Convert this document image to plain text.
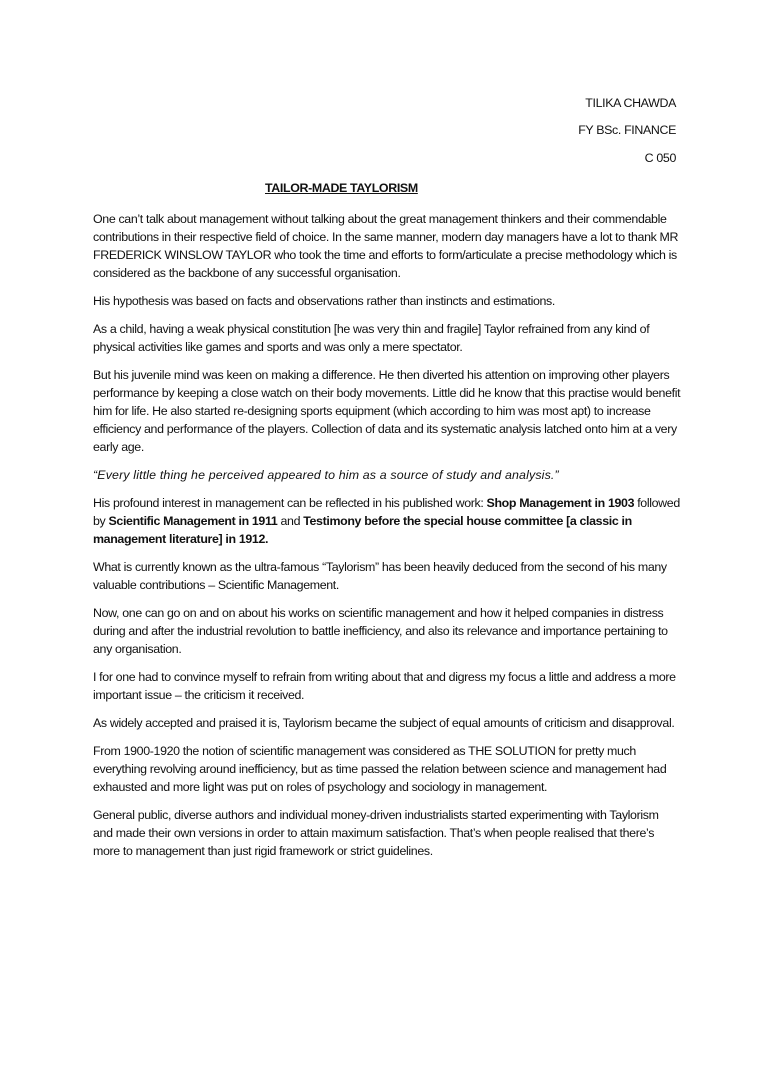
TILIKA CHAWDA
FY BSc. FINANCE
C 050
TAILOR-MADE TAYLORISM

One can’t talk about management without talking about the great management thinkers and their commendable contributions in their respective field of choice. In the same manner, modern day managers have a lot to thank MR FREDERICK WINSLOW TAYLOR who took the time and efforts to form/articulate a precise methodology which is considered as the backbone of any successful organisation.

His hypothesis was based on facts and observations rather than instincts and estimations.

As a child, having a weak physical constitution [he was very thin and fragile] Taylor refrained from any kind of physical activities like games and sports and was only a mere spectator.

But his juvenile mind was keen on making a difference. He then diverted his attention on improving other players performance by keeping a close watch on their body movements. Little did he know that this practise would benefit him for life. He also started re-designing sports equipment (which according to him was most apt) to increase efficiency and performance of the players. Collection of data and its systematic analysis latched onto him at a very early age.

“Every little thing he perceived appeared to him as a source of study and analysis.”

His profound interest in management can be reflected in his published work: Shop Management in 1903 followed by Scientific Management in 1911 and Testimony before the special house committee [a classic in management literature] in 1912.

What is currently known as the ultra-famous “Taylorism” has been heavily deduced from the second of his many valuable contributions – Scientific Management.

Now, one can go on and on about his works on scientific management and how it helped companies in distress during and after the industrial revolution to battle inefficiency, and also its relevance and importance pertaining to any organisation.

I for one had to convince myself to refrain from writing about that and digress my focus a little and address a more important issue – the criticism it received.

As widely accepted and praised it is, Taylorism became the subject of equal amounts of criticism and disapproval.

From 1900-1920 the notion of scientific management was considered as THE SOLUTION for pretty much everything revolving around inefficiency, but as time passed the relation between science and management had exhausted and more light was put on roles of psychology and sociology in management.

General public, diverse authors and individual money-driven industrialists started experimenting with Taylorism and made their own versions in order to attain maximum satisfaction. That’s when people realised that there’s more to management than just rigid framework or strict guidelines.
